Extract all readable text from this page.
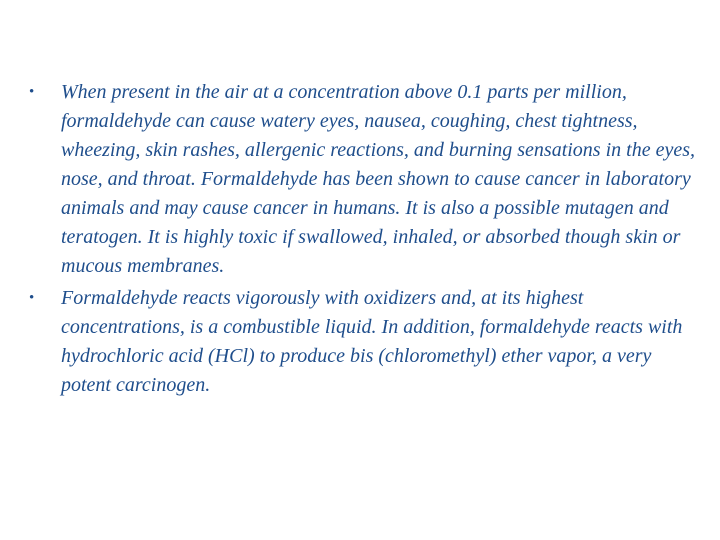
• When present in the air at a concentration above 0.1 parts per million, formaldehyde can cause watery eyes, nausea, coughing, chest tightness, wheezing, skin rashes, allergenic reactions, and burning sensations in the eyes, nose, and throat. Formaldehyde has been shown to cause cancer in laboratory animals and may cause cancer in humans. It is also a possible mutagen and teratogen. It is highly toxic if swallowed, inhaled, or absorbed though skin or mucous membranes.
• Formaldehyde reacts vigorously with oxidizers and, at its highest concentrations, is a combustible liquid. In addition, formaldehyde reacts with hydrochloric acid (HCl) to produce bis (chloromethyl) ether vapor, a very potent carcinogen.
